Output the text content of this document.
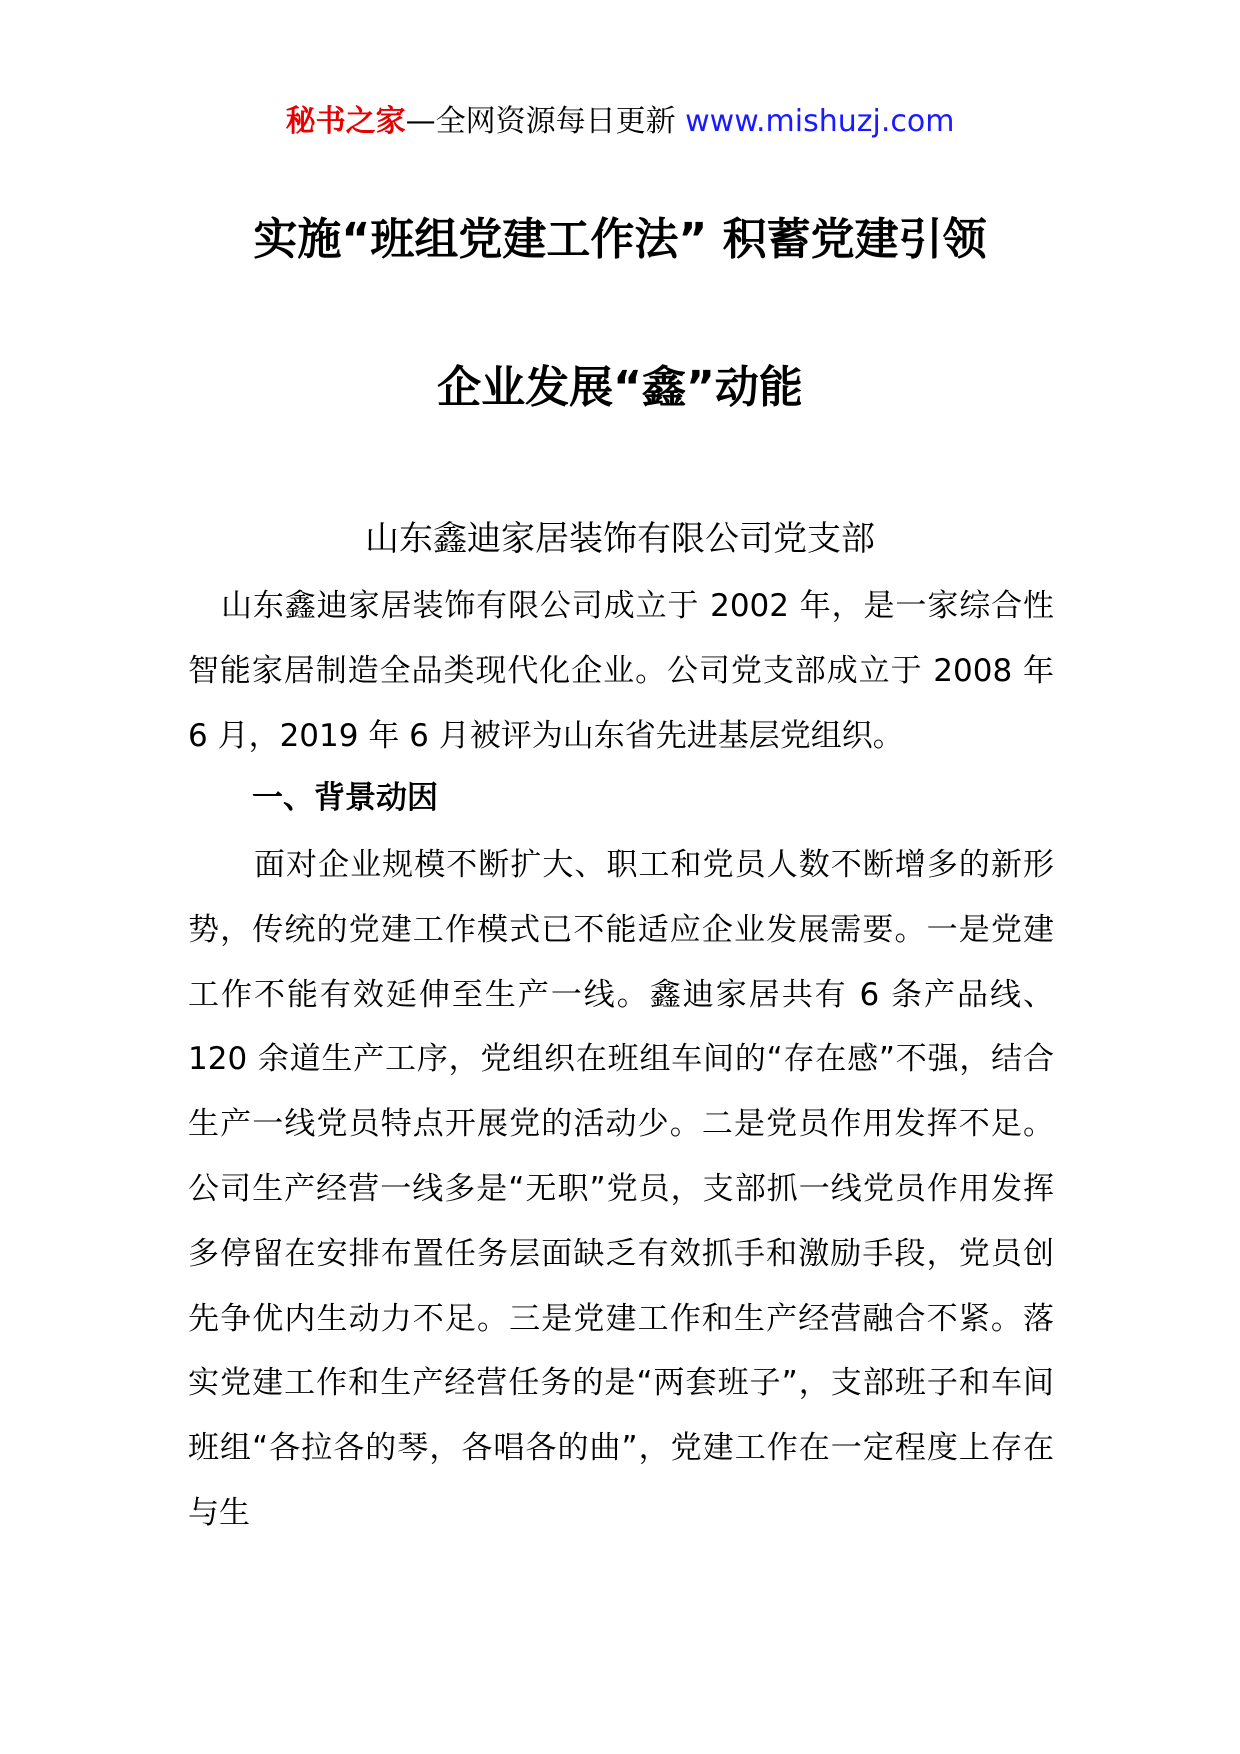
秘书之家—全网资源每日更新 www.mishuzj.com
实施“班组党建工作法” 积蓄党建引领
企业发展“鑫”动能
山东鑫迪家居装饰有限公司党支部

山东鑫迪家居装饰有限公司成立于 2002 年，是一家综合性智能家居制造全品类现代化企业。公司党支部成立于 2008 年 6 月，2019 年 6 月被评为山东省先进基层党组织。

一、背景动因

面对企业规模不断扩大、职工和党员人数不断增多的新形势，传统的党建工作模式已不能适应企业发展需要。一是党建工作不能有效延伸至生产一线。鑫迪家居共有 6 条产品线、120 余道生产工序，党组织在班组车间的“存在感”不强，结合生产一线党员特点开展党的活动少。二是党员作用发挥不足。公司生产经营一线多是“无职”党员，支部抓一线党员作用发挥多停留在安排布置任务层面缺乏有效抓手和激励手段，党员创先争优内生动力不足。三是党建工作和生产经营融合不紧。落实党建工作和生产经营任务的是“两套班子”，支部班子和车间班组“各拉各的琴，各唱各的曲”，党建工作在一定程度上存在与生
